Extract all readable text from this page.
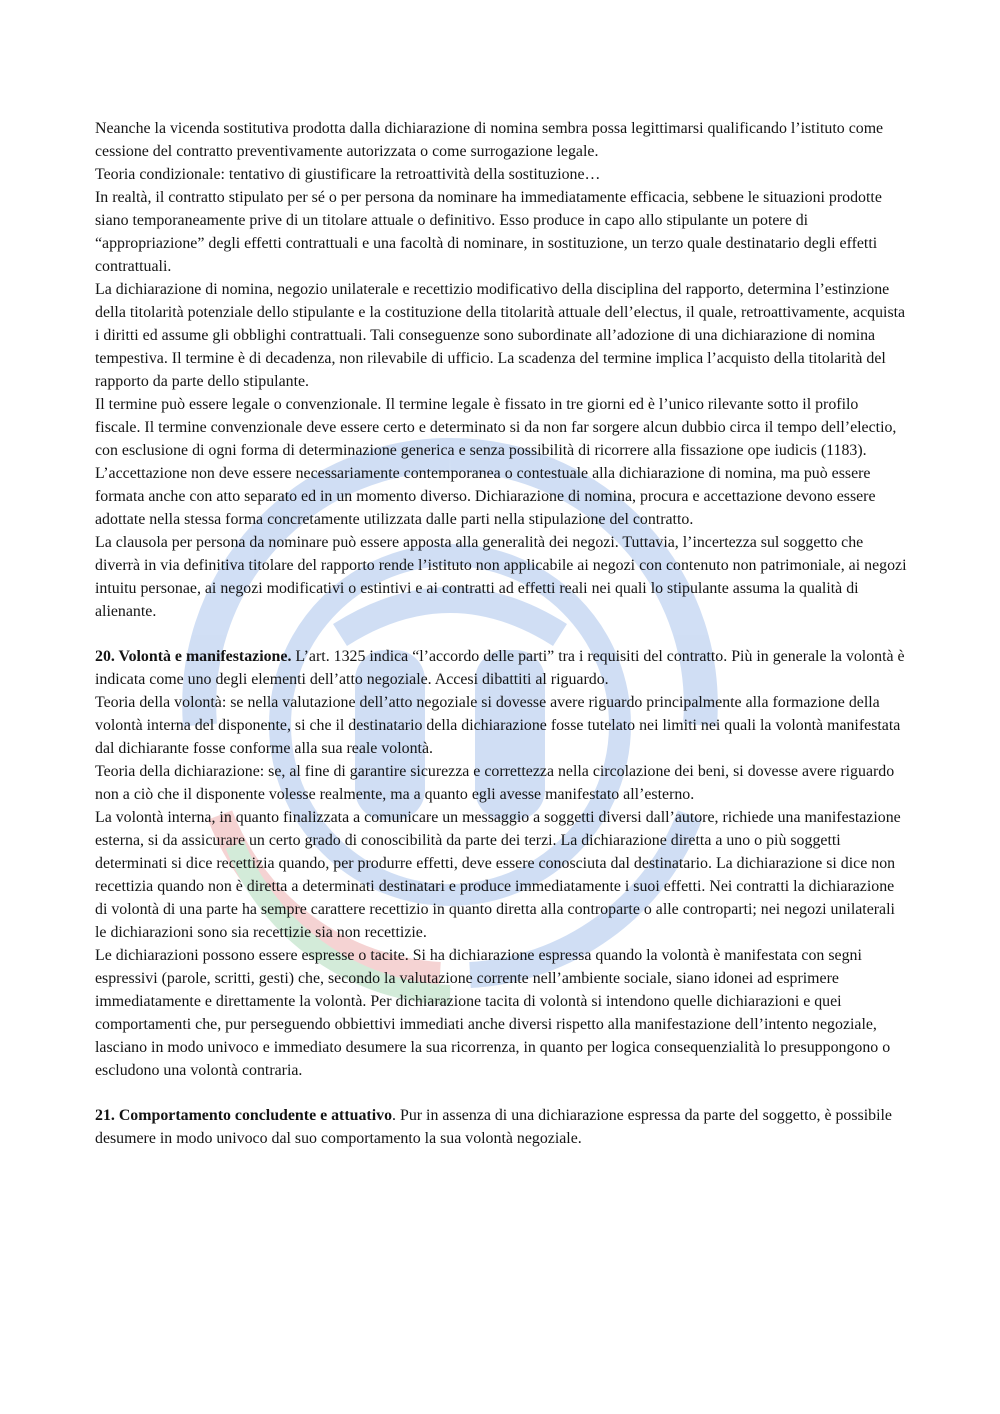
Neanche la vicenda sostitutiva prodotta dalla dichiarazione di nomina sembra possa legittimarsi qualificando l’istituto come cessione del contratto preventivamente autorizzata o come surrogazione legale.

Teoria condizionale: tentativo di giustificare la retroattività della sostituzione…

In realtà, il contratto stipulato per sé o per persona da nominare ha immediatamente efficacia, sebbene le situazioni prodotte siano temporaneamente prive di un titolare attuale o definitivo. Esso produce in capo allo stipulante un potere di “appropriazione” degli effetti contrattuali e una facoltà di nominare, in sostituzione, un terzo quale destinatario degli effetti contrattuali.

La dichiarazione di nomina, negozio unilaterale e recettizio modificativo della disciplina del rapporto, determina l’estinzione della titolarità potenziale dello stipulante e la costituzione della titolarità attuale dell’electus, il quale, retroattivamente, acquista i diritti ed assume gli obblighi contrattuali. Tali conseguenze sono subordinate all’adozione di una dichiarazione di nomina tempestiva. Il termine è di decadenza, non rilevabile di ufficio. La scadenza del termine implica l’acquisto della titolarità del rapporto da parte dello stipulante.

Il termine può essere legale o convenzionale. Il termine legale è fissato in tre giorni ed è l’unico rilevante sotto il profilo fiscale. Il termine convenzionale deve essere certo e determinato si da non far sorgere alcun dubbio circa il tempo dell’electio, con esclusione di ogni forma di determinazione generica e senza possibilità di ricorrere alla fissazione ope iudicis (1183).

L’accettazione non deve essere necessariamente contemporanea o contestuale alla dichiarazione di nomina, ma può essere formata anche con atto separato ed in un momento diverso. Dichiarazione di nomina, procura e accettazione devono essere adottate nella stessa forma concretamente utilizzata dalle parti nella stipulazione del contratto.

La clausola per persona da nominare può essere apposta alla generalità dei negozi. Tuttavia, l’incertezza sul soggetto che diverrà in via definitiva titolare del rapporto rende l’istituto non applicabile ai negozi con contenuto non patrimoniale, ai negozi intuitu personae, ai negozi modificativi o estintivi e ai contratti ad effetti reali nei quali lo stipulante assuma la qualità di alienante.

20. Volontà e manifestazione. L’art. 1325 indica “l’accordo delle parti” tra i requisiti del contratto. Più in generale la volontà è indicata come uno degli elementi dell’atto negoziale. Accesi dibattiti al riguardo.

Teoria della volontà: se nella valutazione dell’atto negoziale si dovesse avere riguardo principalmente alla formazione della volontà interna del disponente, si che il destinatario della dichiarazione fosse tutelato nei limiti nei quali la volontà manifestata dal dichiarante fosse conforme alla sua reale volontà.

Teoria della dichiarazione: se, al fine di garantire sicurezza e correttezza nella circolazione dei beni, si dovesse avere riguardo non a ciò che il disponente volesse realmente, ma a quanto egli avesse manifestato all’esterno.

La volontà interna, in quanto finalizzata a comunicare un messaggio a soggetti diversi dall’autore, richiede una manifestazione esterna, si da assicurare un certo grado di conoscibilità da parte dei terzi. La dichiarazione diretta a uno o più soggetti determinati si dice recettizia quando, per produrre effetti, deve essere conosciuta dal destinatario. La dichiarazione si dice non recettizia quando non è diretta a determinati destinatari e produce immediatamente i suoi effetti. Nei contratti la dichiarazione di volontà di una parte ha sempre carattere recettizio in quanto diretta alla controparte o alle controparti; nei negozi unilaterali le dichiarazioni sono sia recettizie sia non recettizie.

Le dichiarazioni possono essere espresse o tacite. Si ha dichiarazione espressa quando la volontà è manifestata con segni espressivi (parole, scritti, gesti) che, secondo la valutazione corrente nell’ambiente sociale, siano idonei ad esprimere immediatamente e direttamente la volontà. Per dichiarazione tacita di volontà si intendono quelle dichiarazioni e quei comportamenti che, pur perseguendo obbiettivi immediati anche diversi rispetto alla manifestazione dell’intento negoziale, lasciano in modo univoco e immediato desumere la sua ricorrenza, in quanto per logica consequenzialità lo presuppongono o escludono una volontà contraria.

21. Comportamento concludente e attuativo. Pur in assenza di una dichiarazione espressa da parte del soggetto, è possibile desumere in modo univoco dal suo comportamento la sua volontà negoziale.
